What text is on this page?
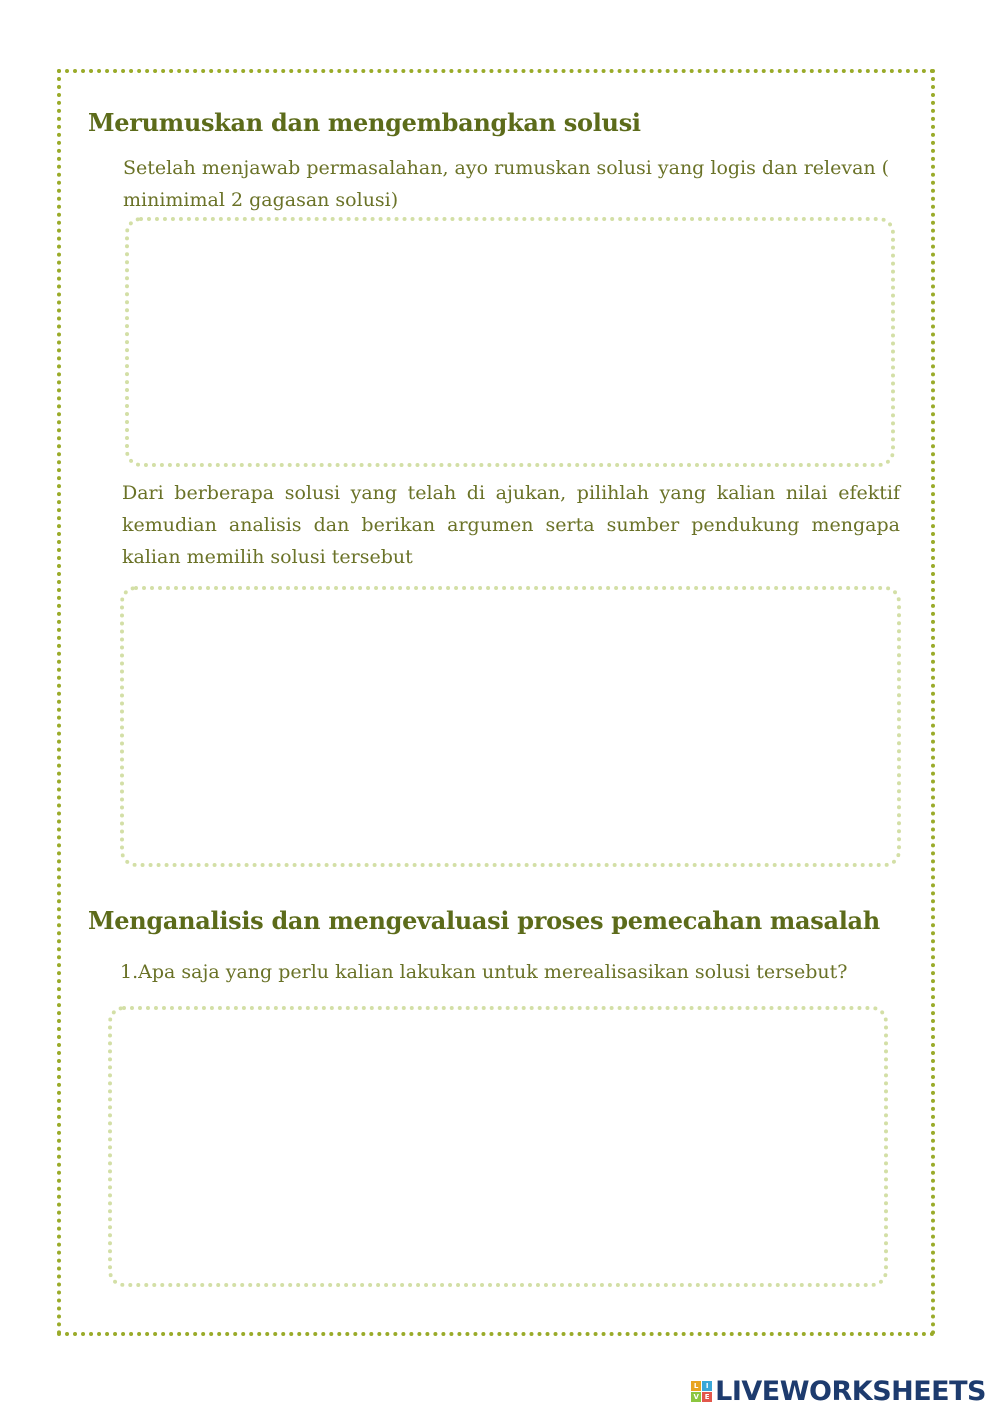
Merumuskan dan mengembangkan solusi

Setelah menjawab permasalahan, ayo rumuskan solusi yang logis dan relevan ( minimimal 2 gagasan solusi)

Dari berberapa solusi yang telah di ajukan, pilihlah yang kalian nilai efektif kemudian analisis dan berikan argumen serta sumber pendukung mengapa kalian memilih solusi tersebut

Menganalisis dan mengevaluasi proses pemecahan masalah

1.Apa saja yang perlu kalian lakukan untuk merealisasikan solusi tersebut?

L	I
V E LIVEWORKSHEETS
